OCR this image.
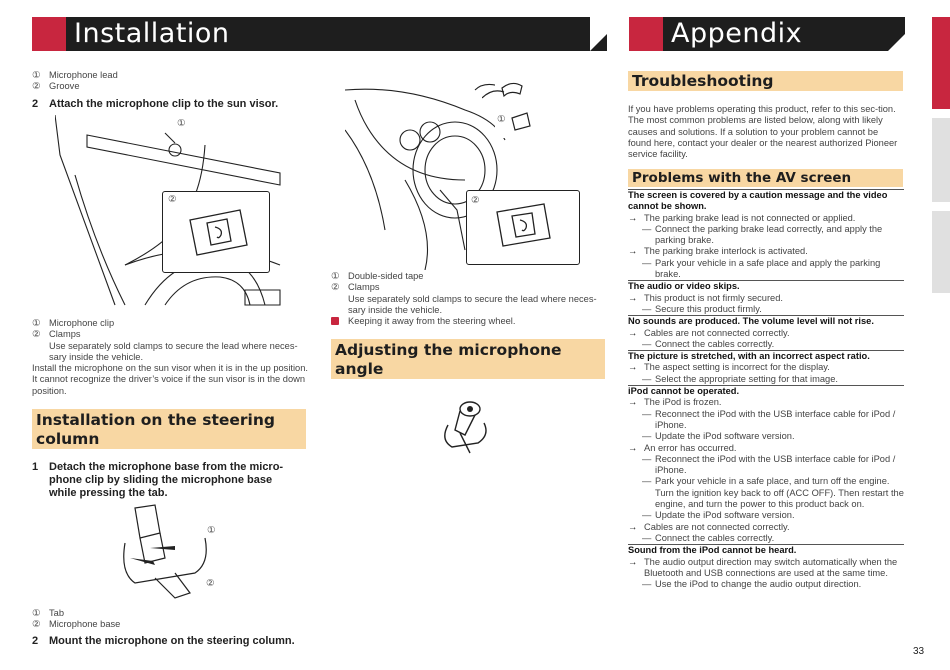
Installation	Appendix
① Microphone lead
② Groove
2 Attach the microphone clip to the sun visor.
①
②
① Microphone clip
② Clamps
Use separately sold clamps to secure the lead where neces-sary inside the vehicle.
Install the microphone on the sun visor when it is in the up position. It cannot recognize the driver’s voice if the sun visor is in the down position.
Installation on the steering column
1 Detach the microphone base from the micro-phone clip by sliding the microphone base while pressing the tab.
①
②
① Tab
② Microphone base
2 Mount the microphone on the steering column.
②
①
① Double-sided tape
② Clamps
Use separately sold clamps to secure the lead where neces-sary inside the vehicle.
Keeping it away from the steering wheel.
Adjusting the microphone angle
Troubleshooting
If you have problems operating this product, refer to this sec-tion. The most common problems are listed below, along with likely causes and solutions. If a solution to your problem cannot be found here, contact your dealer or the nearest authorized Pioneer service facility.
Problems with the AV screen
The screen is covered by a caution message and the video cannot be shown.
→ The parking brake lead is not connected or applied.
— Connect the parking brake lead correctly, and apply the parking brake.
→ The parking brake interlock is activated.
— Park your vehicle in a safe place and apply the parking brake.
The audio or video skips.
→ This product is not firmly secured.
— Secure this product firmly.
No sounds are produced. The volume level will not rise.
→ Cables are not connected correctly.
— Connect the cables correctly.
The picture is stretched, with an incorrect aspect ratio.
→ The aspect setting is incorrect for the display.
— Select the appropriate setting for that image.
iPod cannot be operated.
→ The iPod is frozen.
— Reconnect the iPod with the USB interface cable for iPod / iPhone.
— Update the iPod software version.
→ An error has occurred.
— Reconnect the iPod with the USB interface cable for iPod / iPhone.
— Park your vehicle in a safe place, and turn off the engine. Turn the ignition key back to off (ACC OFF). Then restart the engine, and turn the power to this product back on.
— Update the iPod software version.
→ Cables are not connected correctly.
— Connect the cables correctly.
Sound from the iPod cannot be heard.
→ The audio output direction may switch automatically when the Bluetooth and USB connections are used at the same time.
— Use the iPod to change the audio output direction.
33
